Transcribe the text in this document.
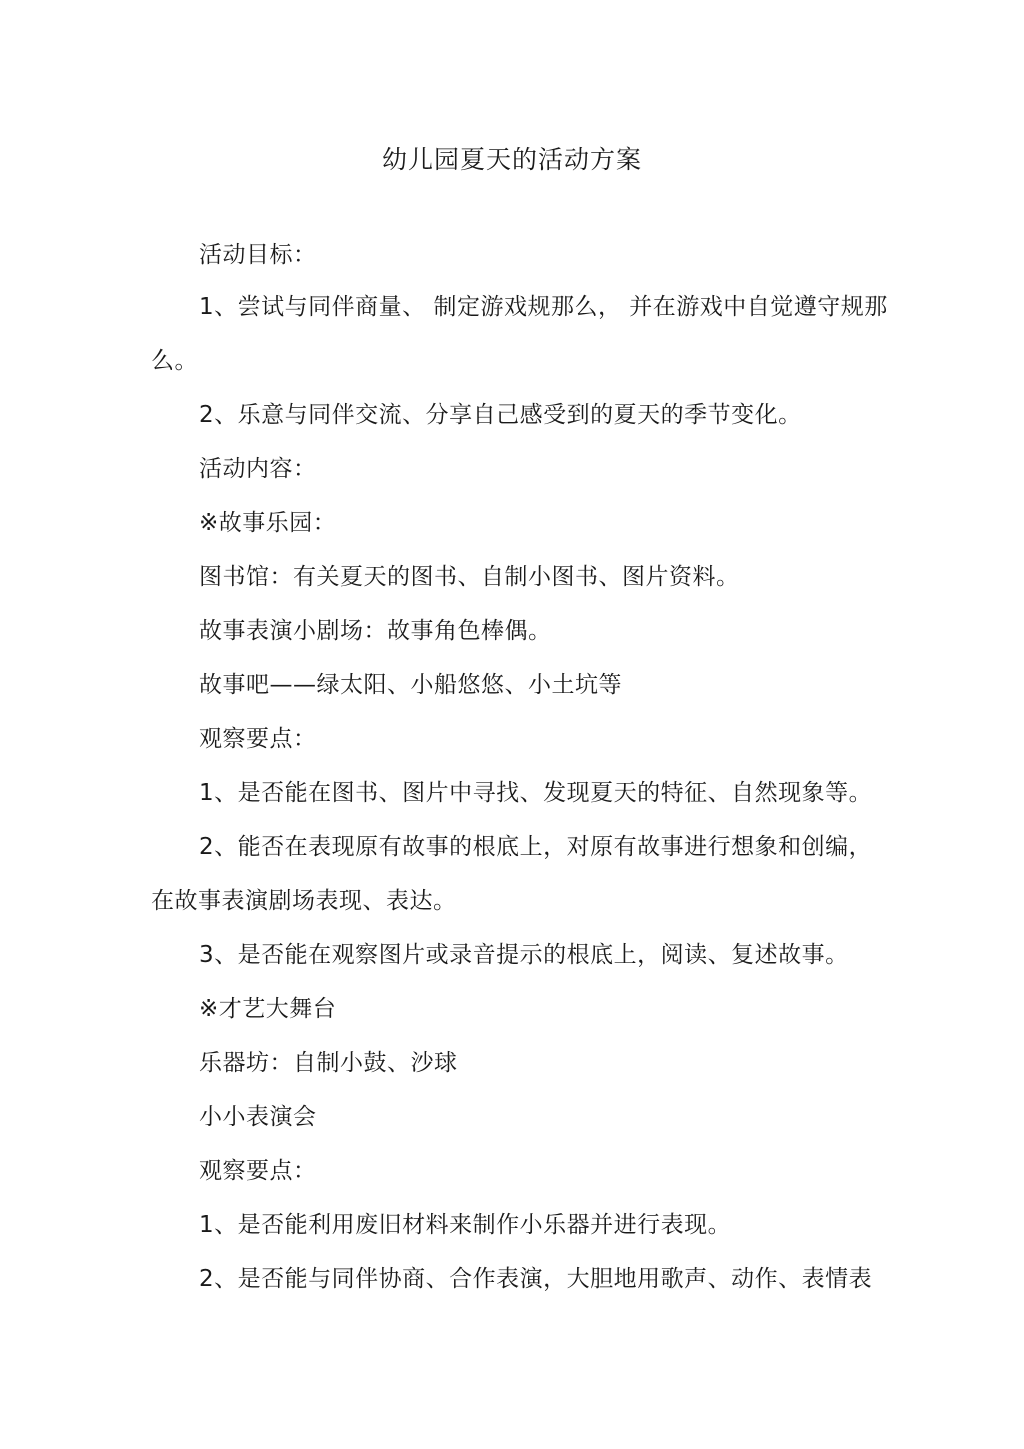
幼儿园夏天的活动方案
活动目标：
1、尝试与同伴商量、 制定游戏规那么， 并在游戏中自觉遵守规那
么。
2、乐意与同伴交流、分享自己感受到的夏天的季节变化。
活动内容：
※故事乐园：
图书馆：有关夏天的图书、自制小图书、图片资料。
故事表演小剧场：故事角色棒偶。
故事吧——绿太阳、小船悠悠、小土坑等
观察要点：
1、是否能在图书、图片中寻找、发现夏天的特征、自然现象等。
2、能否在表现原有故事的根底上，对原有故事进行想象和创编，
在故事表演剧场表现、表达。
3、是否能在观察图片或录音提示的根底上，阅读、复述故事。
※才艺大舞台
乐器坊：自制小鼓、沙球
小小表演会
观察要点：
1、是否能利用废旧材料来制作小乐器并进行表现。
2、是否能与同伴协商、合作表演，大胆地用歌声、动作、表情表
